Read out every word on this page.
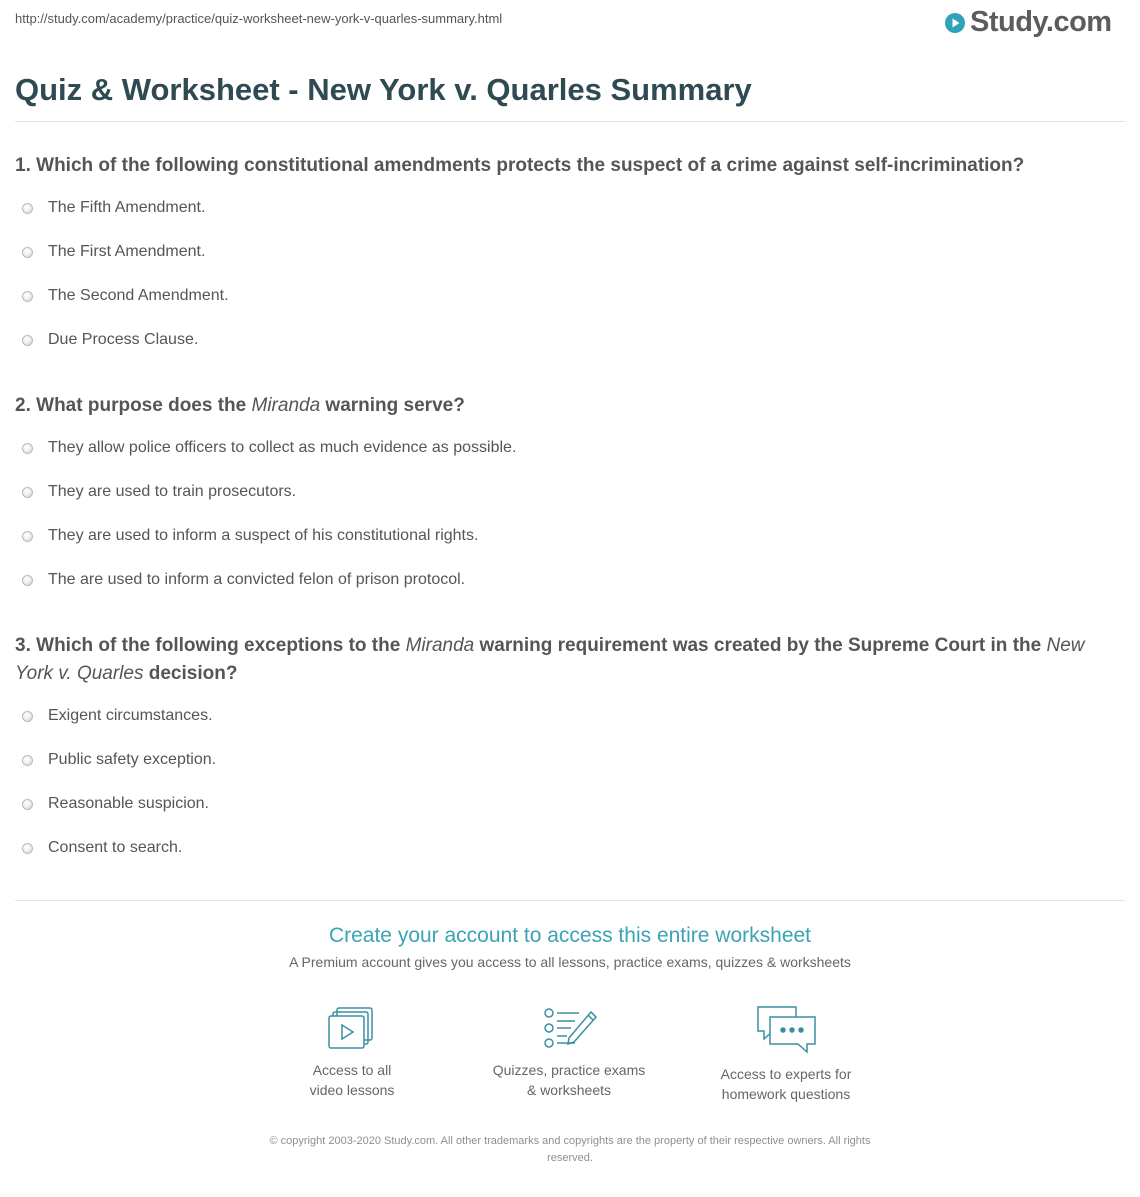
http://study.com/academy/practice/quiz-worksheet-new-york-v-quarles-summary.html	Study.com
Quiz & Worksheet - New York v. Quarles Summary
1. Which of the following constitutional amendments protects the suspect of a crime against self-incrimination?
The Fifth Amendment.
The First Amendment.
The Second Amendment.
Due Process Clause.
2. What purpose does the Miranda warning serve?
They allow police officers to collect as much evidence as possible.
They are used to train prosecutors.
They are used to inform a suspect of his constitutional rights.
The are used to inform a convicted felon of prison protocol.
3. Which of the following exceptions to the Miranda warning requirement was created by the Supreme Court in the New York v. Quarles decision?
Exigent circumstances.
Public safety exception.
Reasonable suspicion.
Consent to search.
Create your account to access this entire worksheet
A Premium account gives you access to all lessons, practice exams, quizzes & worksheets
Access to all
video lessons
Quizzes, practice exams
& worksheets
Access to experts for
homework questions
© copyright 2003-2020 Study.com. All other trademarks and copyrights are the property of their respective owners. All rights
reserved.
